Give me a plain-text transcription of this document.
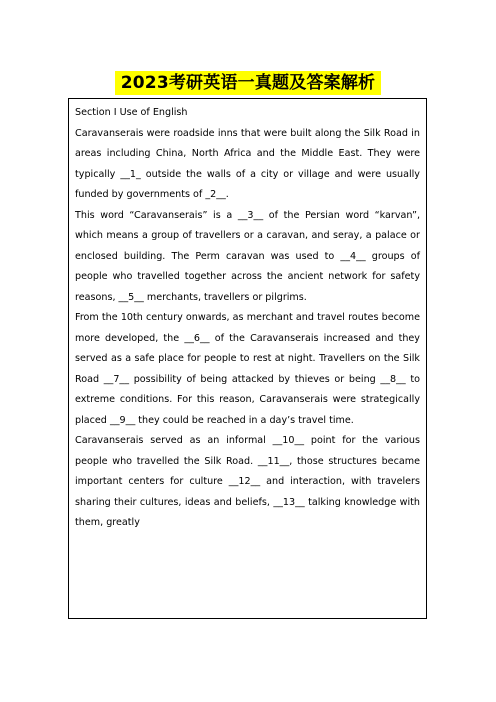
2023考研英语一真题及答案解析

Section Ⅰ Use of English

Caravanserais were roadside inns that were built along the Silk Road in areas including China, North Africa and the Middle East. They were typically __1_ outside the walls of a city or village and were usually funded by governments of _2__.

This word “Caravanserais” is a __3__ of the Persian word “karvan”, which means a group of travellers or a caravan, and seray, a palace or enclosed building. The Perm caravan was used to __4__ groups of people who travelled together across the ancient network for safety reasons, __5__ merchants, travellers or pilgrims.

From the 10th century onwards, as merchant and travel routes become more developed, the __6__ of the Caravanserais increased and they served as a safe place for people to rest at night. Travellers on the Silk Road __7__ possibility of being attacked by thieves or being __8__ to extreme conditions. For this reason, Caravanserais were strategically placed __9__ they could be reached in a day’s travel time.

Caravanserais served as an informal __10__ point for the various people who travelled the Silk Road. __11__, those structures became important centers for culture __12__ and interaction, with travelers sharing their cultures, ideas and beliefs, __13__ talking knowledge with them, greatly
